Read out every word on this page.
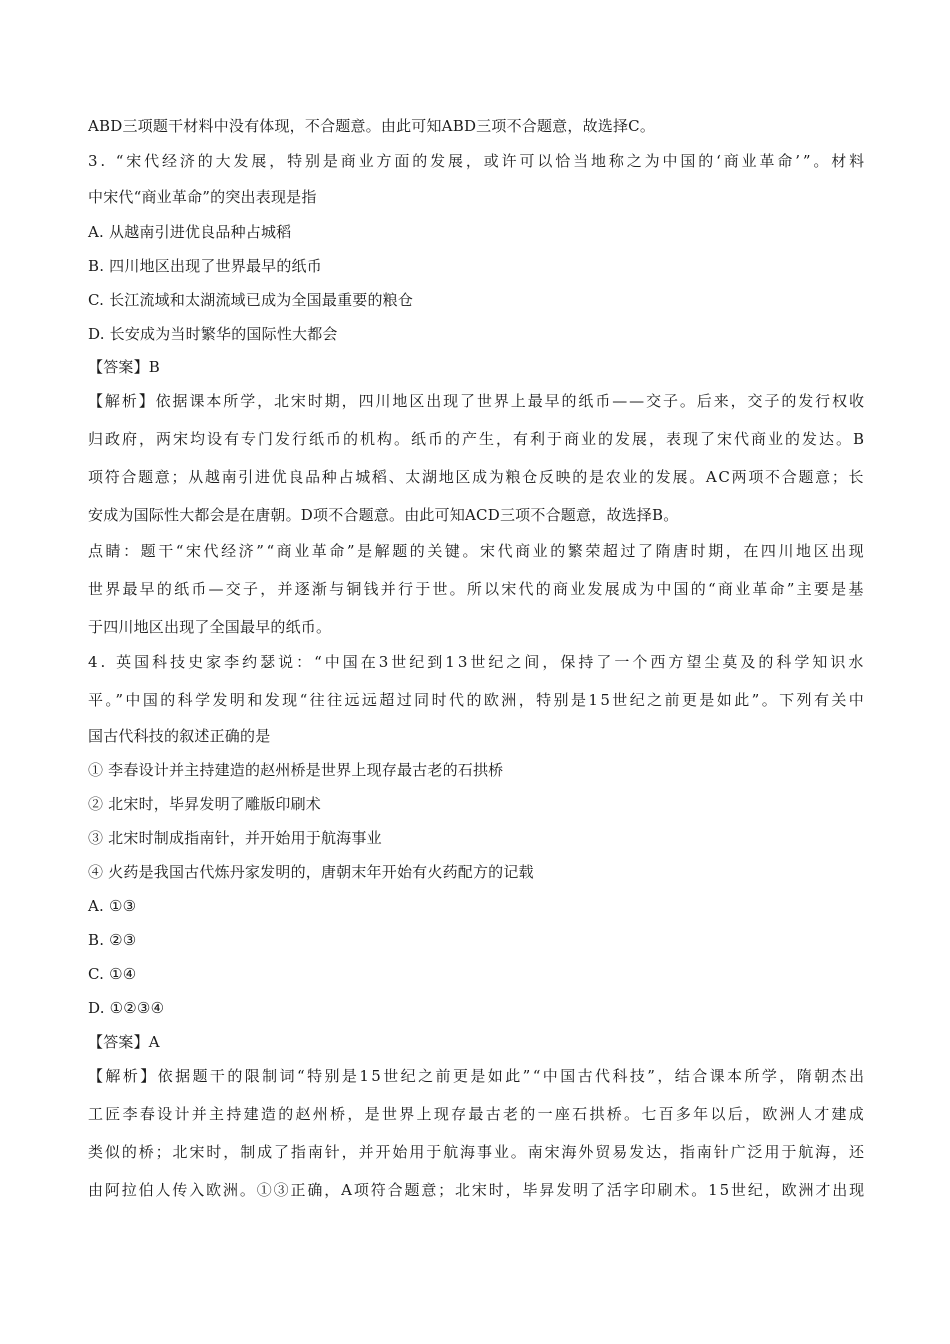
ABD三项题干材料中没有体现，不合题意。由此可知ABD三项不合题意，故选择C。
3. “宋代经济的大发展，特别是商业方面的发展，或许可以恰当地称之为中国的‘商业革命’”。材料
中宋代“商业革命”的突出表现是指
A. 从越南引进优良品种占城稻
B. 四川地区出现了世界最早的纸币
C. 长江流域和太湖流域已成为全国最重要的粮仓
D. 长安成为当时繁华的国际性大都会
【答案】B
【解析】依据课本所学，北宋时期，四川地区出现了世界上最早的纸币——交子。后来，交子的发行权收
归政府，两宋均设有专门发行纸币的机构。纸币的产生，有利于商业的发展，表现了宋代商业的发达。B
项符合题意；从越南引进优良品种占城稻、太湖地区成为粮仓反映的是农业的发展。AC两项不合题意；长
安成为国际性大都会是在唐朝。D项不合题意。由此可知ACD三项不合题意，故选择B。
点睛：题干“宋代经济”“商业革命”是解题的关键。宋代商业的繁荣超过了隋唐时期，在四川地区出现
世界最早的纸币—交子，并逐渐与铜钱并行于世。所以宋代的商业发展成为中国的“商业革命”主要是基
于四川地区出现了全国最早的纸币。
4. 英国科技史家李约瑟说：“中国在3世纪到13世纪之间，保持了一个西方望尘莫及的科学知识水
平。”中国的科学发明和发现“往往远远超过同时代的欧洲，特别是15世纪之前更是如此”。下列有关中
国古代科技的叙述正确的是
① 李春设计并主持建造的赵州桥是世界上现存最古老的石拱桥
② 北宋时，毕昇发明了雕版印刷术
③ 北宋时制成指南针，并开始用于航海事业
④ 火药是我国古代炼丹家发明的，唐朝末年开始有火药配方的记载
A. ①③
B. ②③
C. ①④
D. ①②③④
【答案】A
【解析】依据题干的限制词“特别是15世纪之前更是如此”“中国古代科技”，结合课本所学，隋朝杰出
工匠李春设计并主持建造的赵州桥，是世界上现存最古老的一座石拱桥。七百多年以后，欧洲人才建成
类似的桥；北宋时，制成了指南针，并开始用于航海事业。南宋海外贸易发达，指南针广泛用于航海，还
由阿拉伯人传入欧洲。①③正确，A项符合题意；北宋时，毕昇发明了活字印刷术。15世纪，欧洲才出现
